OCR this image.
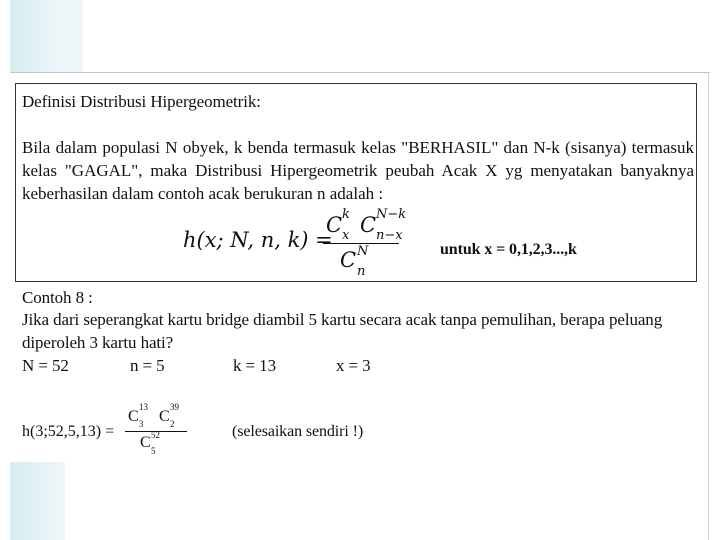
Definisi Distribusi Hipergeometrik:
Bila dalam populasi N obyek, k benda termasuk kelas "BERHASIL" dan N-k (sisanya) termasuk kelas "GAGAL", maka Distribusi Hipergeometrik peubah Acak X yg menyatakan banyaknya keberhasilan dalam contoh acak berukuran n adalah :
h(x; N, n, k) =
C k
x C N−k
n−x
C N
n
untuk x = 0,1,2,3...,k
Contoh 8 :
Jika dari seperangkat kartu bridge diambil 5 kartu secara acak tanpa pemulihan, berapa peluang
diperoleh 3 kartu hati?
N = 52	n = 5	k = 13	x = 3
h(3;52,5,13) =
C
13
3 C
39
2
C 52
5
(selesaikan sendiri !)
